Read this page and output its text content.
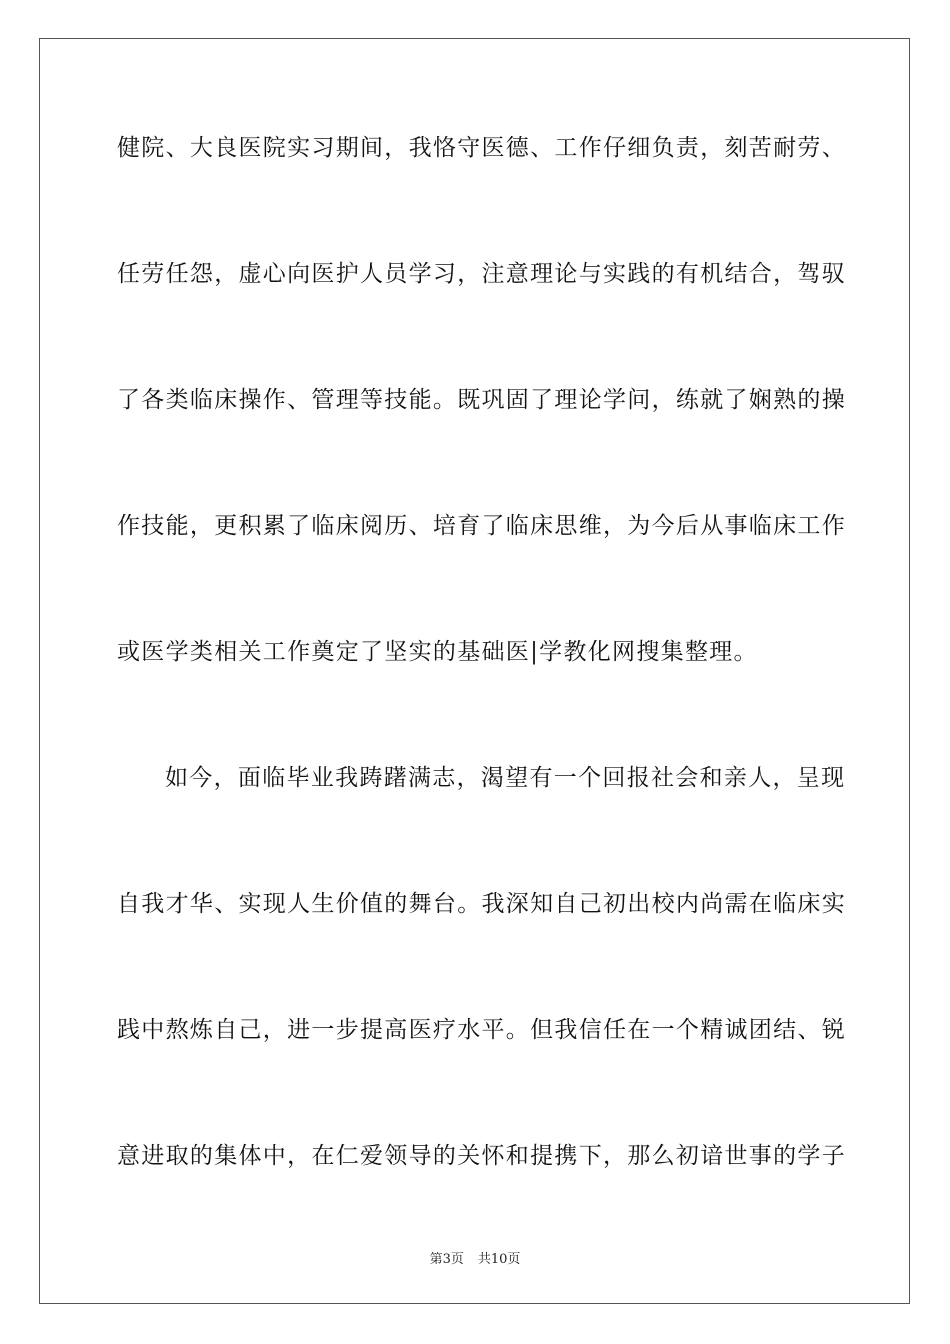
健院、大良医院实习期间，我恪守医德、工作仔细负责，刻苦耐劳、
任劳任怨，虚心向医护人员学习，注意理论与实践的有机结合，驾驭
了各类临床操作、管理等技能。既巩固了理论学问，练就了娴熟的操
作技能，更积累了临床阅历、培育了临床思维，为今后从事临床工作
或医学类相关工作奠定了坚实的基础医|学教化网搜集整理。
如今，面临毕业我踌躇满志，渴望有一个回报社会和亲人，呈现
自我才华、实现人生价值的舞台。我深知自己初出校内尚需在临床实
践中熬炼自己，进一步提高医疗水平。但我信任在一个精诚团结、锐
意进取的集体中，在仁爱领导的关怀和提携下，那么初谙世事的学子
第3页 共10页
